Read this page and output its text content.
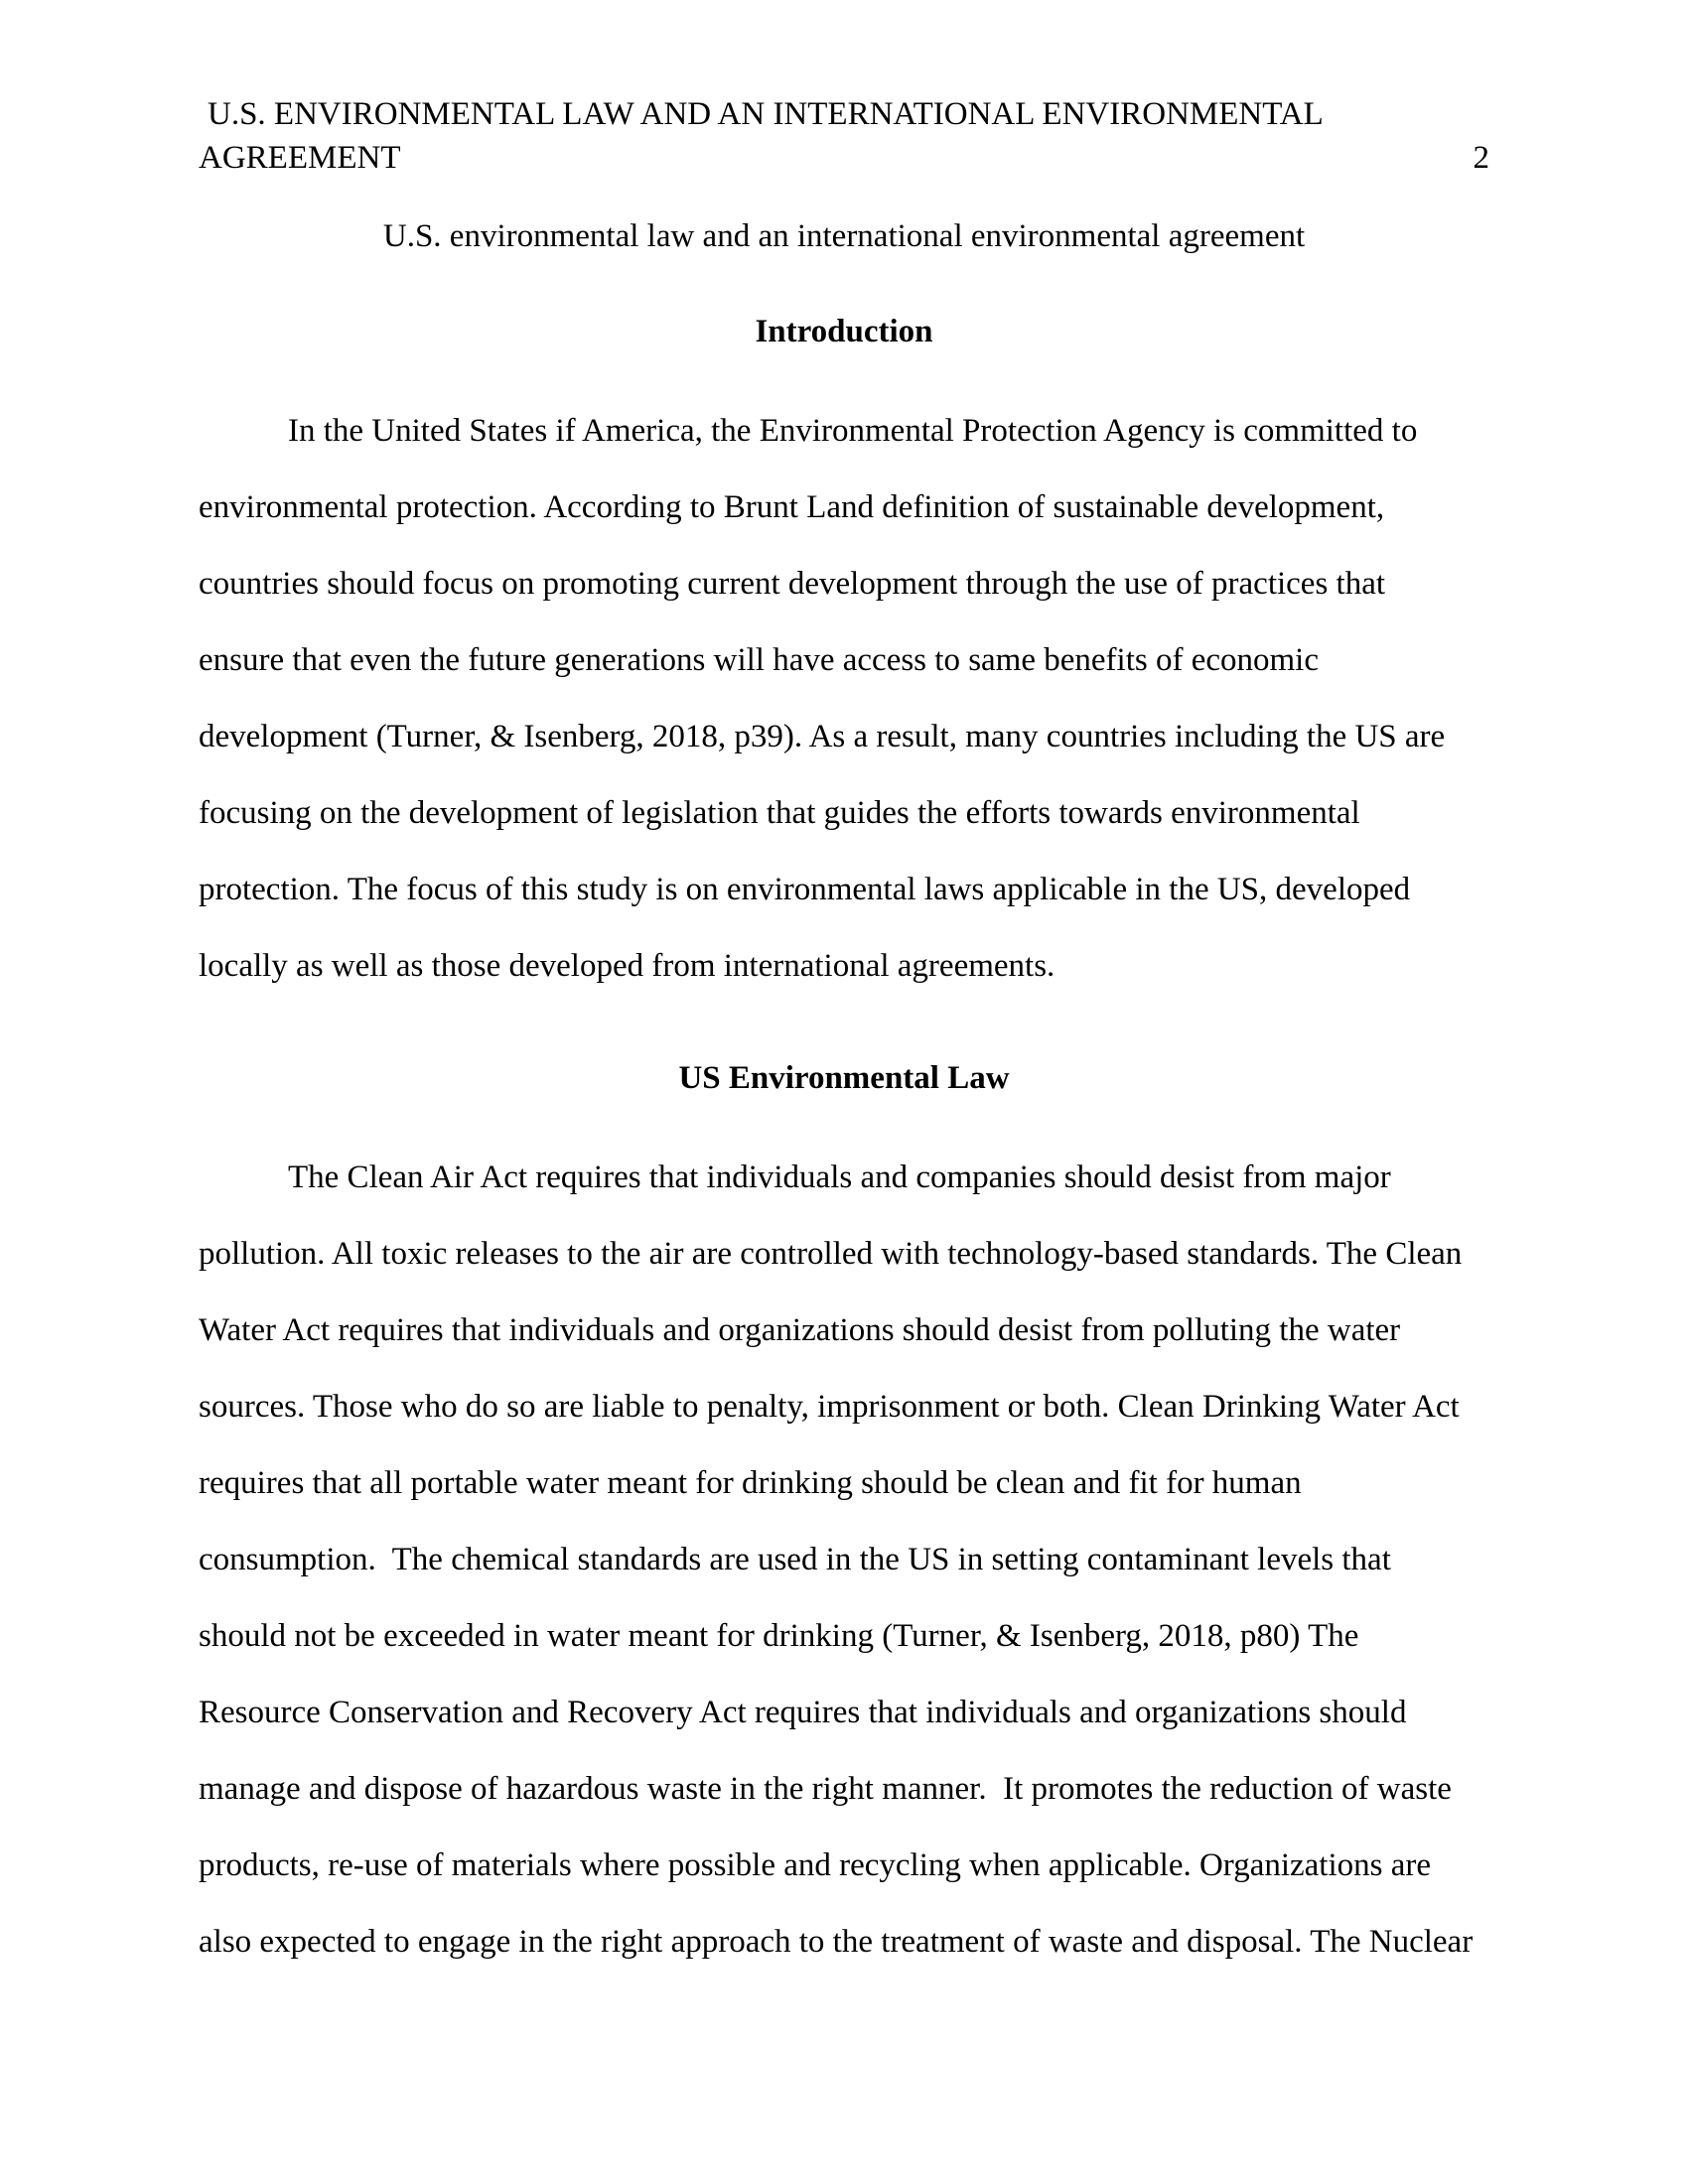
U.S. ENVIRONMENTAL LAW AND AN INTERNATIONAL ENVIRONMENTAL
AGREEMENT	2
U.S. environmental law and an international environmental agreement
Introduction
In the United States if America, the Environmental Protection Agency is committed to
environmental protection. According to Brunt Land definition of sustainable development,
countries should focus on promoting current development through the use of practices that
ensure that even the future generations will have access to same benefits of economic
development (Turner, & Isenberg, 2018, p39). As a result, many countries including the US are
focusing on the development of legislation that guides the efforts towards environmental
protection. The focus of this study is on environmental laws applicable in the US, developed
locally as well as those developed from international agreements.
US Environmental Law
The Clean Air Act requires that individuals and companies should desist from major
pollution. All toxic releases to the air are controlled with technology-based standards. The Clean
Water Act requires that individuals and organizations should desist from polluting the water
sources. Those who do so are liable to penalty, imprisonment or both. Clean Drinking Water Act
requires that all portable water meant for drinking should be clean and fit for human
consumption.  The chemical standards are used in the US in setting contaminant levels that
should not be exceeded in water meant for drinking (Turner, & Isenberg, 2018, p80) The
Resource Conservation and Recovery Act requires that individuals and organizations should
manage and dispose of hazardous waste in the right manner.  It promotes the reduction of waste
products, re-use of materials where possible and recycling when applicable. Organizations are
also expected to engage in the right approach to the treatment of waste and disposal. The Nuclear
